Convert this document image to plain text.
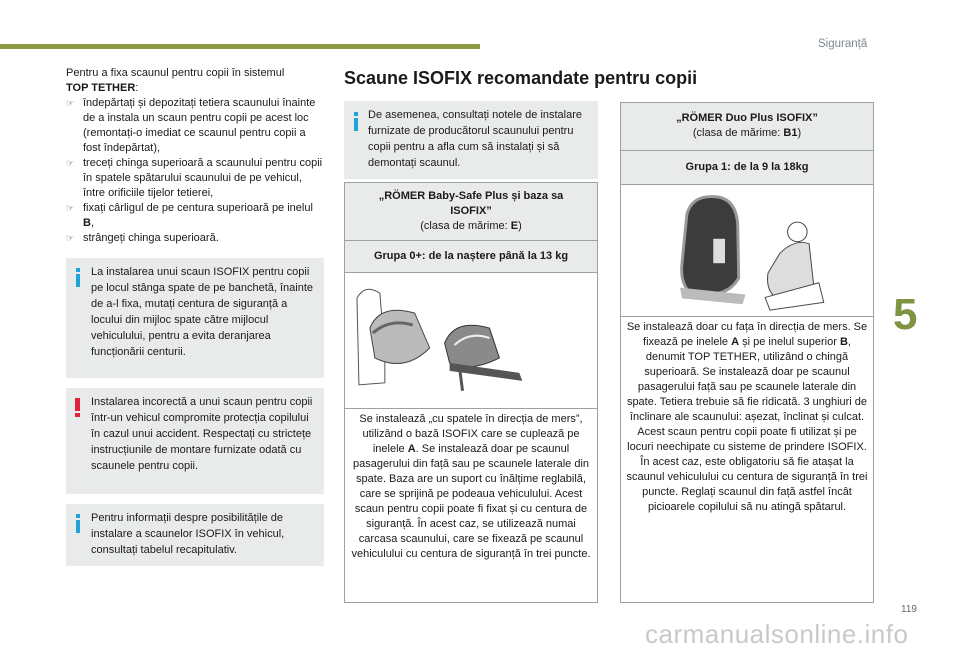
Siguranță
Pentru a fixa scaunul pentru copii în sistemul
TOP TETHER:
☞ îndepărtați și depozitați tetiera scaunului înainte de a instala un scaun pentru copii pe acest loc (remontați-o imediat ce scaunul pentru copii a fost îndepărtat),
☞ treceți chinga superioară a scaunului pentru copii în spatele spătarului scaunului de pe vehicul, între orificiile tijelor tetierei,
☞ fixați cârligul de pe centura superioară pe inelul B,
☞ strângeți chinga superioară.
La instalarea unui scaun ISOFIX pentru copii pe locul stânga spate de pe banchetă, înainte de a-l fixa, mutați centura de siguranță a locului din mijloc spate către mijlocul vehiculului, pentru a evita deranjarea funcționării centurii.
Instalarea incorectă a unui scaun pentru copii într-un vehicul compromite protecția copilului în cazul unui accident. Respectați cu strictețe instrucțiunile de montare furnizate odată cu scaunele pentru copii.
Pentru informații despre posibilitățile de instalare a scaunelor ISOFIX în vehicul, consultați tabelul recapitulativ.
Scaune ISOFIX recomandate pentru copii
De asemenea, consultați notele de instalare furnizate de producătorul scaunului pentru copii pentru a afla cum să instalați și să demontați scaunul.
„RÖMER Baby-Safe Plus și baza sa ISOFIX”
(clasa de mărime: E)
Grupa 0+: de la naștere până la 13 kg
Se instalează „cu spatele în direcția de mers”, utilizând o bază ISOFIX care se cuplează pe inelele A. Se instalează doar pe scaunul pasagerului din față sau pe scaunele laterale din spate. Baza are un suport cu înălțime reglabilă, care se sprijină pe podeaua vehiculului. Acest scaun pentru copii poate fi fixat și cu centura de siguranță. În acest caz, se utilizează numai carcasa scaunului, care se fixează pe scaunul vehiculului cu centura de siguranță în trei puncte.
„RÖMER Duo Plus ISOFIX”
(clasa de mărime: B1)
Grupa 1: de la 9 la 18kg
Se instalează doar cu fața în direcția de mers. Se fixează pe inelele A și pe inelul superior B, denumit TOP TETHER, utilizând o chingă superioară. Se instalează doar pe scaunul pasagerului față sau pe scaunele laterale din spate. Tetiera trebuie să fie ridicată. 3 unghiuri de înclinare ale scaunului: așezat, înclinat și culcat. Acest scaun pentru copii poate fi utilizat și pe locuri neechipate cu sisteme de prindere ISOFIX. În acest caz, este obligatoriu să fie atașat la scaunul vehiculului cu centura de siguranță în trei puncte. Reglați scaunul din față astfel încât picioarele copilului să nu atingă spătarul.
5
119
carmanualsonline.info
